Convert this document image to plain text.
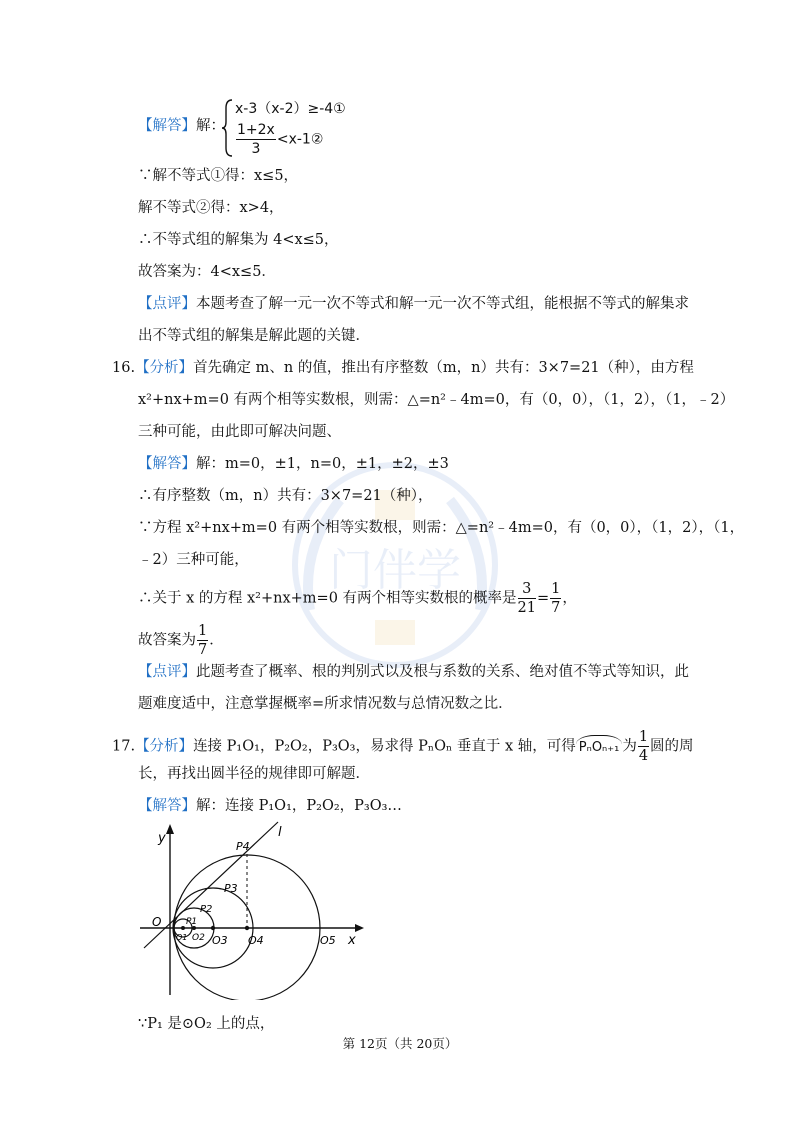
门伴学
【解答】解：
x-3（x-2）≥-4①
$\frac{1+2x}{3}$ <x-1②
∵解不等式①得：x≤5，
解不等式②得：x>4，
∴不等式组的解集为 4<x≤5，
故答案为：4<x≤5．
【点评】本题考查了解一元一次不等式和解一元一次不等式组，能根据不等式的解集求
出不等式组的解集是解此题的关键．
16.【分析】首先确定 m、n 的值，推出有序整数（m，n）共有：3×7=21（种），由方程
x²+nx+m=0 有两个相等实数根，则需：△=n²﹣4m=0，有（0，0），（1，2），（1，﹣2）
三种可能，由此即可解决问题、
【解答】解：m=0，±1，n=0，±1，±2，±3
∴有序整数（m，n）共有：3×7=21（种），
∵方程 x²+nx+m=0 有两个相等实数根，则需：△=n²﹣4m=0，有（0，0），（1，2），（1，
﹣2）三种可能，
∴关于 x 的方程 x²+nx+m=0 有两个相等实数根的概率是 $\frac{3}{21} = \frac{1}{7}$ ，
故答案为 $\frac{1}{7}$ ．
【点评】此题考查了概率、根的判别式以及根与系数的关系、绝对值不等式等知识，此
题难度适中，注意掌握概率=所求情况数与总情况数之比．
17.【分析】连接 P₁O₁，P₂O₂，P₃O₃，易求得 PₙOₙ 垂直于 x 轴，可得 PₙOₙ₊₁ 为 $\frac{1}{4}$ 圆的周
长，再找出圆半径的规律即可解题．
【解答】解：连接 P₁O₁，P₂O₂，P₃O₃…
y
x
l
O
P4
P3
P2
P1
O1 O2 O3 O4	O5
∵P₁ 是⊙O₂ 上的点，
第 12页（共 20页）
